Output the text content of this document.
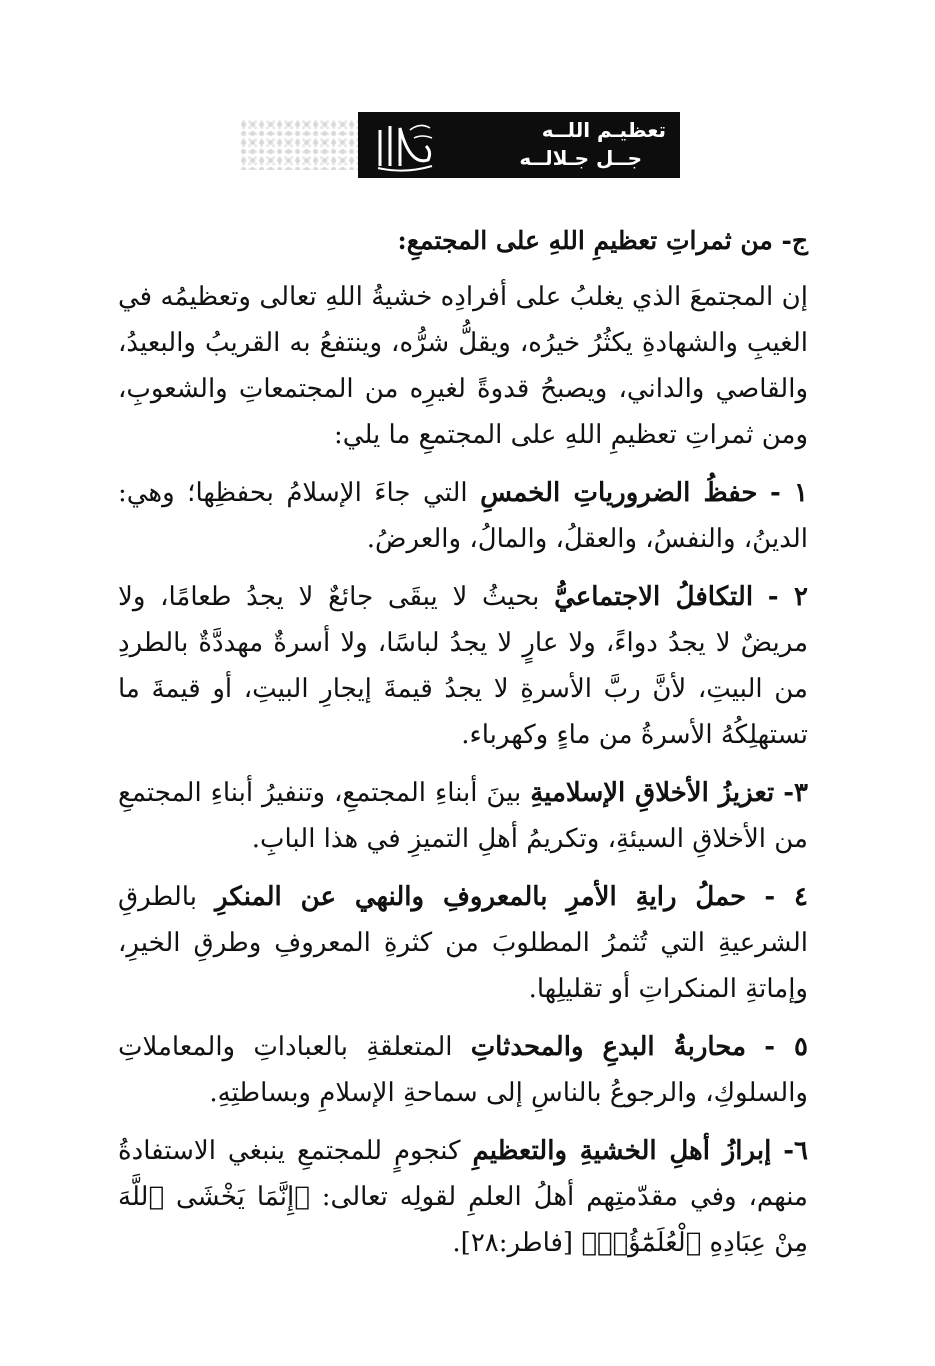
تعظيـم اللــه
جــل جـلالــه
ج- من ثمراتِ تعظيمِ اللهِ على المجتمعِ:

إن المجتمعَ الذي يغلبُ على أفرادِه خشيةُ اللهِ تعالى وتعظيمُه في الغيبِ والشهادةِ يكثُرُ خيرُه، ويقلُّ شرُّه، وينتفعُ به القريبُ والبعيدُ، والقاصي والداني، ويصبحُ قدوةً لغيرِه من المجتمعاتِ والشعوبِ، ومن ثمراتِ تعظيمِ اللهِ على المجتمعِ ما يلي:

١ - حفظُ الضرورياتِ الخمسِ التي جاءَ الإسلامُ بحفظِها؛ وهي: الدينُ، والنفسُ، والعقلُ، والمالُ، والعرضُ.

٢ - التكافلُ الاجتماعيُّ بحيثُ لا يبقَى جائعٌ لا يجدُ طعامًا، ولا مريضٌ لا يجدُ دواءً، ولا عارٍ لا يجدُ لباسًا، ولا أسرةٌ مهددَّةٌ بالطردِ من البيتِ، لأنَّ ربَّ الأسرةِ لا يجدُ قيمةَ إيجارِ البيتِ، أو قيمةَ ما تستهلِكُهُ الأسرةُ من ماءٍ وكهرباء.

٣- تعزيزُ الأخلاقِ الإسلاميةِ بينَ أبناءِ المجتمعِ، وتنفيرُ أبناءِ المجتمعِ من الأخلاقِ السيئةِ، وتكريمُ أهلِ التميزِ في هذا البابِ.

٤ - حملُ رايةِ الأمرِ بالمعروفِ والنهي عن المنكرِ بالطرقِ الشرعيةِ التي تُثمرُ المطلوبَ من كثرةِ المعروفِ وطرقِ الخيرِ، وإماتةِ المنكراتِ أو تقليلِها.

٥ - محاربةُ البدعِ والمحدثاتِ المتعلقةِ بالعباداتِ والمعاملاتِ والسلوكِ، والرجوعُ بالناسِ إلى سماحةِ الإسلامِ وبساطتِهِ.

٦- إبرازُ أهلِ الخشيةِ والتعظيمِ كنجومٍ للمجتمعِ ينبغي الاستفادةُ منهم، وفي مقدّمتِهم أهلُ العلمِ لقولِه تعالى: ﴿إِنَّمَا يَخْشَى ٱللَّهَ مِنْ عِبَادِهِ ٱلْعُلَمَٰٓؤُا۟﴾ [فاطر:٢٨].
